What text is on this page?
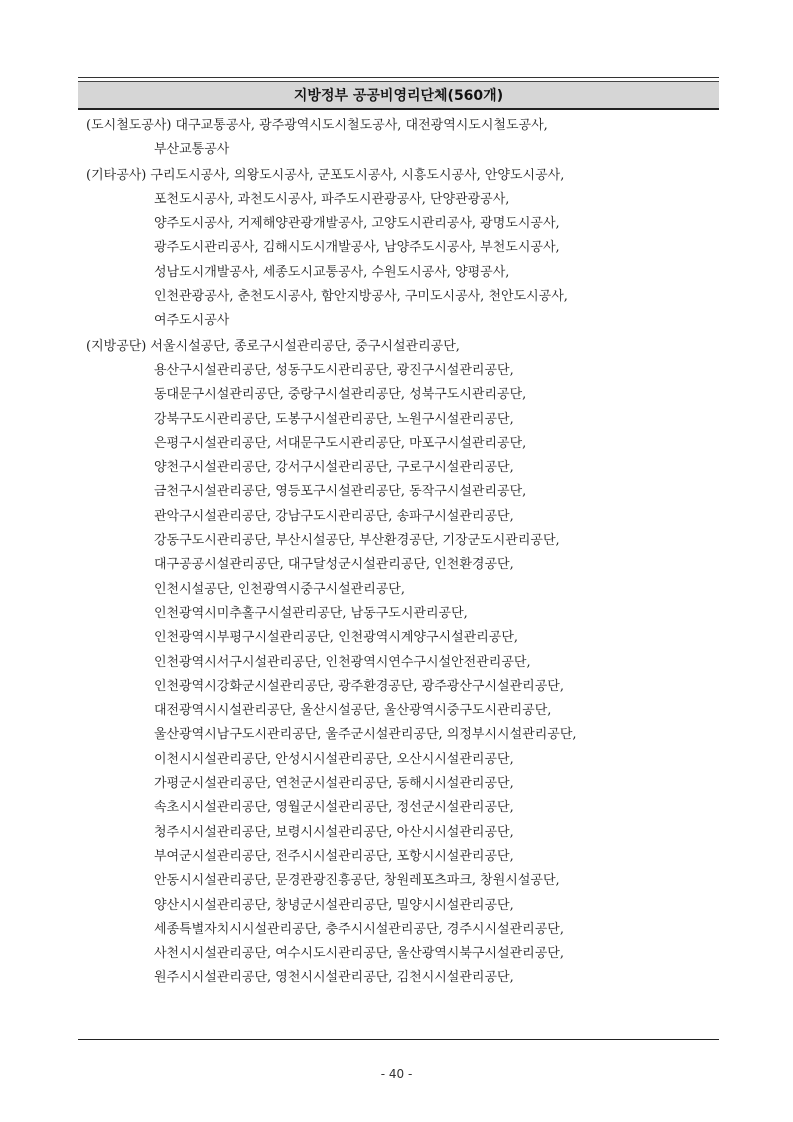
지방정부 공공비영리단체(560개)
(도시철도공사) 대구교통공사, 광주광역시도시철도공사, 대전광역시도시철도공사,
부산교통공사
(기타공사) 구리도시공사, 의왕도시공사, 군포도시공사, 시흥도시공사, 안양도시공사,
포천도시공사, 과천도시공사, 파주도시관광공사, 단양관광공사,
양주도시공사, 거제해양관광개발공사, 고양도시관리공사, 광명도시공사,
광주도시관리공사, 김해시도시개발공사, 남양주도시공사, 부천도시공사,
성남도시개발공사, 세종도시교통공사, 수원도시공사, 양평공사,
인천관광공사, 춘천도시공사, 함안지방공사, 구미도시공사, 천안도시공사,
여주도시공사
(지방공단) 서울시설공단, 종로구시설관리공단, 중구시설관리공단,
용산구시설관리공단, 성동구도시관리공단, 광진구시설관리공단,
동대문구시설관리공단, 중랑구시설관리공단, 성북구도시관리공단,
강북구도시관리공단, 도봉구시설관리공단, 노원구시설관리공단,
은평구시설관리공단, 서대문구도시관리공단, 마포구시설관리공단,
양천구시설관리공단, 강서구시설관리공단, 구로구시설관리공단,
금천구시설관리공단, 영등포구시설관리공단, 동작구시설관리공단,
관악구시설관리공단, 강남구도시관리공단, 송파구시설관리공단,
강동구도시관리공단, 부산시설공단, 부산환경공단, 기장군도시관리공단,
대구공공시설관리공단, 대구달성군시설관리공단, 인천환경공단,
인천시설공단, 인천광역시중구시설관리공단,
인천광역시미추홀구시설관리공단, 남동구도시관리공단,
인천광역시부평구시설관리공단, 인천광역시계양구시설관리공단,
인천광역시서구시설관리공단, 인천광역시연수구시설안전관리공단,
인천광역시강화군시설관리공단, 광주환경공단, 광주광산구시설관리공단,
대전광역시시설관리공단, 울산시설공단, 울산광역시중구도시관리공단,
울산광역시남구도시관리공단, 울주군시설관리공단, 의정부시시설관리공단,
이천시시설관리공단, 안성시시설관리공단, 오산시시설관리공단,
가평군시설관리공단, 연천군시설관리공단, 동해시시설관리공단,
속초시시설관리공단, 영월군시설관리공단, 정선군시설관리공단,
청주시시설관리공단, 보령시시설관리공단, 아산시시설관리공단,
부여군시설관리공단, 전주시시설관리공단, 포항시시설관리공단,
안동시시설관리공단, 문경관광진흥공단, 창원레포츠파크, 창원시설공단,
양산시시설관리공단, 창녕군시설관리공단, 밀양시시설관리공단,
세종특별자치시시설관리공단, 충주시시설관리공단, 경주시시설관리공단,
사천시시설관리공단, 여수시도시관리공단, 울산광역시북구시설관리공단,
원주시시설관리공단, 영천시시설관리공단, 김천시시설관리공단,
- 40 -
